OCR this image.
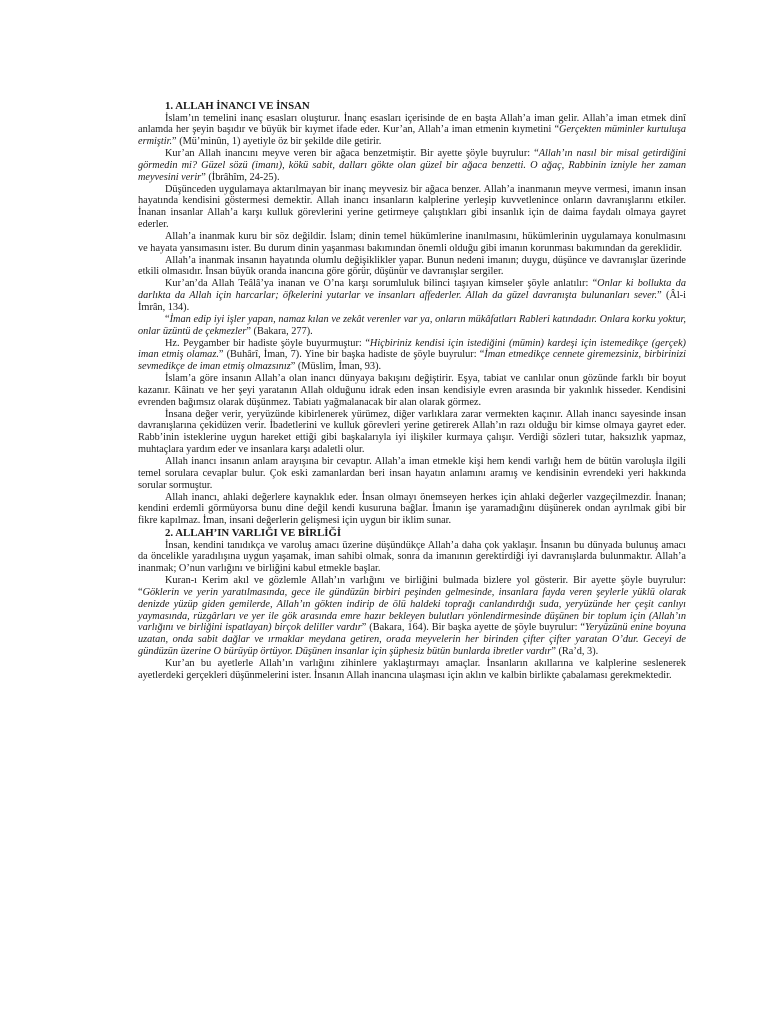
1. ALLAH İNANCI VE İNSAN

İslam’ın temelini inanç esasları oluşturur. İnanç esasları içerisinde de en başta Allah’a iman gelir. Allah’a iman etmek dinî anlamda her şeyin başıdır ve büyük bir kıymet ifade eder. Kur’an, Allah’a iman etmenin kıymetini “Gerçekten müminler kurtuluşa ermiştir.” (Mü’minûn, 1) ayetiyle öz bir şekilde dile getirir.

Kur’an Allah inancını meyve veren bir ağaca benzetmiştir. Bir ayette şöyle buyrulur: “Allah’ın nasıl bir misal getirdiğini görmedin mi? Güzel sözü (imanı), kökü sabit, dalları gökte olan güzel bir ağaca benzetti. O ağaç, Rabbinin izniyle her zaman meyvesini verir” (İbrâhîm, 24-25).

Düşünceden uygulamaya aktarılmayan bir inanç meyvesiz bir ağaca benzer. Allah’a inanmanın meyve vermesi, imanın insan hayatında kendisini göstermesi demektir. Allah inancı insanların kalplerine yerleşip kuvvetlenince onların davranışlarını etkiler. İnanan insanlar Allah’a karşı kulluk görevlerini yerine getirmeye çalıştıkları gibi insanlık için de daima faydalı olmaya gayret ederler.

Allah’a inanmak kuru bir söz değildir. İslam; dinin temel hükümlerine inanılmasını, hükümlerinin uygulamaya konulmasını ve hayata yansımasını ister. Bu durum dinin yaşanması bakımından önemli olduğu gibi imanın korunması bakımından da gereklidir.

Allah’a inanmak insanın hayatında olumlu değişiklikler yapar. Bunun nedeni imanın; duygu, düşünce ve davranışlar üzerinde etkili olmasıdır. İnsan büyük oranda inancına göre görür, düşünür ve davranışlar sergiler.

Kur’an’da Allah Teâlâ’ya inanan ve O’na karşı sorumluluk bilinci taşıyan kimseler şöyle anlatılır: “Onlar ki bollukta da darlıkta da Allah için harcarlar; öfkelerini yutarlar ve insanları affederler. Allah da güzel davranışta bulunanları sever.” (Âl-i İmrân, 134).

“İman edip iyi işler yapan, namaz kılan ve zekât verenler var ya, onların mükâfatları Rableri katındadır. Onlara korku yoktur, onlar üzüntü de çekmezler” (Bakara, 277).

Hz. Peygamber bir hadiste şöyle buyurmuştur: “Hiçbiriniz kendisi için istediğini (mümin) kardeşi için istemedikçe (gerçek) iman etmiş olamaz.” (Buhârî, İman, 7). Yine bir başka hadiste de şöyle buyrulur: “İman etmedikçe cennete giremezsiniz, birbirinizi sevmedikçe de iman etmiş olmazsınız” (Müslim, İman, 93).

İslam’a göre insanın Allah’a olan inancı dünyaya bakışını değiştirir. Eşya, tabiat ve canlılar onun gözünde farklı bir boyut kazanır. Kâinatı ve her şeyi yaratanın Allah olduğunu idrak eden insan kendisiyle evren arasında bir yakınlık hisseder. Kendisini evrenden bağımsız olarak düşünmez. Tabiatı yağmalanacak bir alan olarak görmez.

İnsana değer verir, yeryüzünde kibirlenerek yürümez, diğer varlıklara zarar vermekten kaçınır. Allah inancı sayesinde insan davranışlarına çekidüzen verir. İbadetlerini ve kulluk görevleri yerine getirerek Allah’ın razı olduğu bir kimse olmaya gayret eder. Rabb’inin isteklerine uygun hareket ettiği gibi başkalarıyla iyi ilişkiler kurmaya çalışır. Verdiği sözleri tutar, haksızlık yapmaz, muhtaçlara yardım eder ve insanlara karşı adaletli olur.

Allah inancı insanın anlam arayışına bir cevaptır. Allah’a iman etmekle kişi hem kendi varlığı hem de bütün varoluşla ilgili temel sorulara cevaplar bulur. Çok eski zamanlardan beri insan hayatın anlamını aramış ve kendisinin evrendeki yeri hakkında sorular sormuştur.

Allah inancı, ahlaki değerlere kaynaklık eder. İnsan olmayı önemseyen herkes için ahlaki değerler vazgeçilmezdir. İnanan; kendini erdemli görmüyorsa bunu dine değil kendi kusuruna bağlar. İmanın işe yaramadığını düşünerek ondan ayrılmak gibi bir fikre kapılmaz. İman, insani değerlerin gelişmesi için uygun bir iklim sunar.

2. ALLAH’IN VARLIĞI VE BİRLİĞİ

İnsan, kendini tanıdıkça ve varoluş amacı üzerine düşündükçe Allah’a daha çok yaklaşır. İnsanın bu dünyada bulunuş amacı da öncelikle yaradılışına uygun yaşamak, iman sahibi olmak, sonra da imanının gerektirdiği iyi davranışlarda bulunmaktır. Allah’a inanmak; O’nun varlığını ve birliğini kabul etmekle başlar.

Kuran-ı Kerim akıl ve gözlemle Allah’ın varlığını ve birliğini bulmada bizlere yol gösterir. Bir ayette şöyle buyrulur: “Göklerin ve yerin yaratılmasında, gece ile gündüzün birbiri peşinden gelmesinde, insanlara fayda veren şeylerle yüklü olarak denizde yüzüp giden gemilerde, Allah’ın gökten indirip de ölü haldeki toprağı canlandırdığı suda, yeryüzünde her çeşit canlıyı yaymasında, rüzgârları ve yer ile gök arasında emre hazır bekleyen bulutları yönlendirmesinde düşünen bir toplum için (Allah’ın varlığını ve birliğini ispatlayan) birçok deliller vardır” (Bakara, 164). Bir başka ayette de şöyle buyrulur: “Yeryüzünü enine boyuna uzatan, onda sabit dağlar ve ırmaklar meydana getiren, orada meyvelerin her birinden çifter çifter yaratan O’dur. Geceyi de gündüzün üzerine O bürüyüp örtüyor. Düşünen insanlar için şüphesiz bütün bunlarda ibretler vardır” (Ra’d, 3).

Kur’an bu ayetlerle Allah’ın varlığını zihinlere yaklaştırmayı amaçlar. İnsanların akıllarına ve kalplerine seslenerek ayetlerdeki gerçekleri düşünmelerini ister. İnsanın Allah inancına ulaşması için aklın ve kalbin birlikte çabalaması gerekmektedir.
